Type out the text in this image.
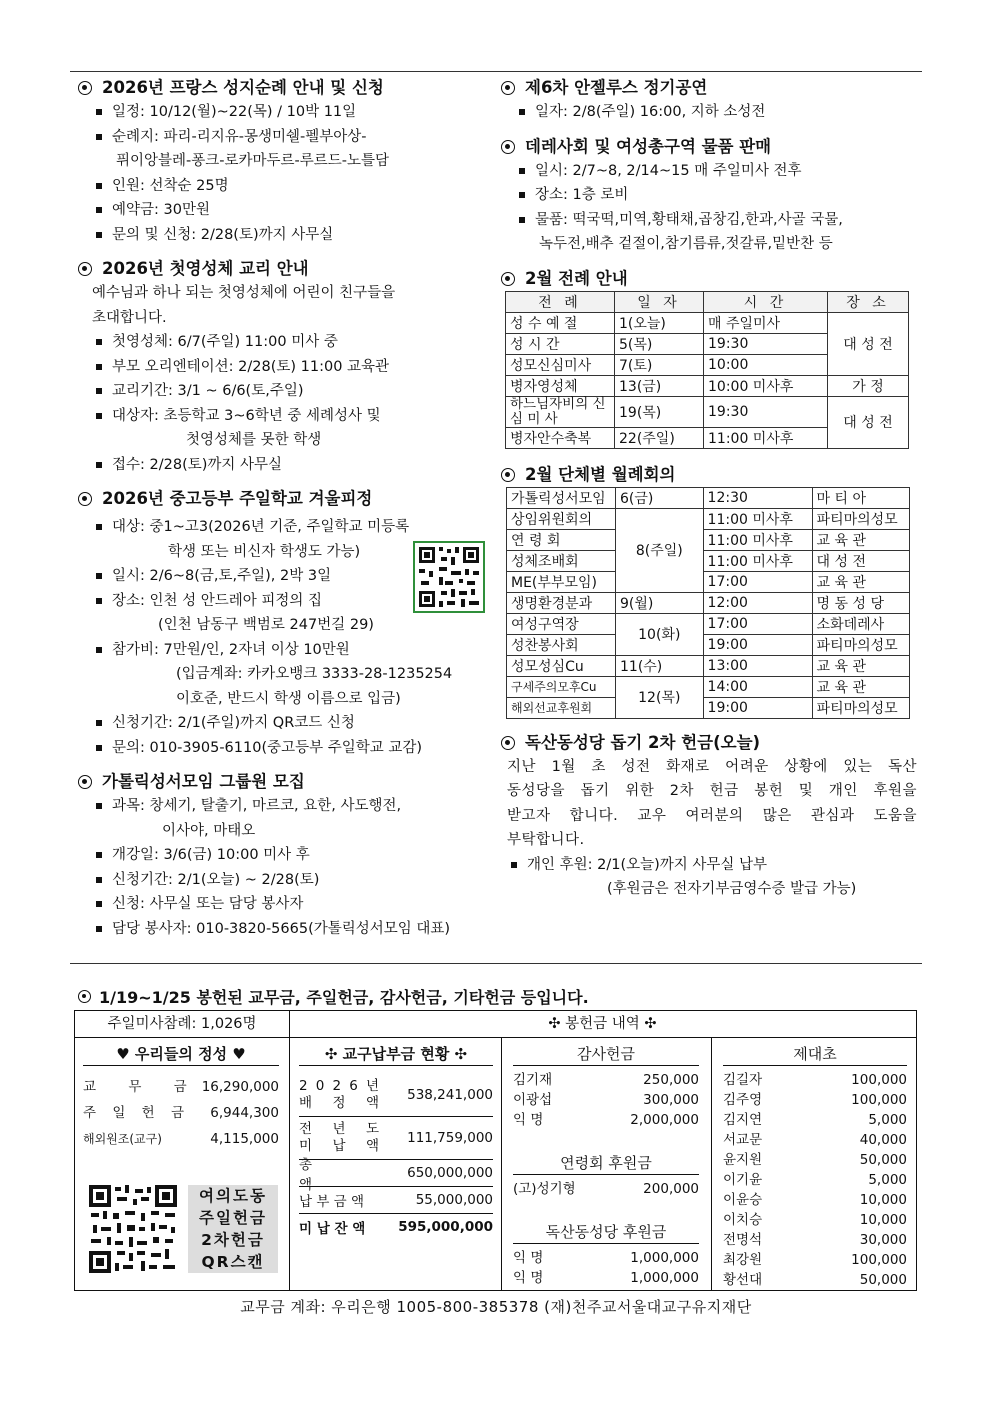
2026년 프랑스 성지순례 안내 및 신청
일정: 10/12(월)~22(목) / 10박 11일
순례지: 파리-리지유-몽생미쉘-펠부아상-
퓌이앙블레-퐁크-로카마두르-루르드-노틀담
인원: 선착순 25명
예약금: 30만원
문의 및 신청: 2/28(토)까지 사무실
2026년 첫영성체 교리 안내
예수님과 하나 되는 첫영성체에 어린이 친구들을
초대합니다.
첫영성체: 6/7(주일) 11:00 미사 중
부모 오리엔테이션: 2/28(토) 11:00 교육관
교리기간: 3/1 ~ 6/6(토,주일)
대상자: 초등학교 3~6학년 중 세례성사 및
첫영성체를 못한 학생
접수: 2/28(토)까지 사무실
2026년 중고등부 주일학교 겨울피정
대상: 중1~고3(2026년 기준, 주일학교 미등록
학생 또는 비신자 학생도 가능)
일시: 2/6~8(금,토,주일), 2박 3일
장소: 인천 성 안드레아 피정의 집
(인천 남동구 백범로 247번길 29)
참가비: 7만원/인, 2자녀 이상 10만원
(입금계좌: 카카오뱅크 3333-28-1235254
이호준, 반드시 학생 이름으로 입금)
신청기간: 2/1(주일)까지 QR코드 신청
문의: 010-3905-6110(중고등부 주일학교 교감)
가톨릭성서모임 그룹원 모집
과목: 창세기, 탈출기, 마르코, 요한, 사도행전,
이사야, 마태오
개강일: 3/6(금) 10:00 미사 후
신청기간: 2/1(오늘) ~ 2/28(토)
신청: 사무실 또는 담당 봉사자
담당 봉사자: 010-3820-5665(가톨릭성서모임 대표)
제6차 안젤루스 정기공연
일자: 2/8(주일) 16:00, 지하 소성전
데레사회 및 여성총구역 물품 판매
일시: 2/7~8, 2/14~15 매 주일미사 전후
장소: 1층 로비
물품: 떡국떡,미역,황태채,곱창김,한과,사골 국물,
녹두전,배추 겉절이,참기름류,젓갈류,밑반찬 등
2월 전례 안내
전 례	일 자	시 간	장 소
성 수 예 절	1(오늘)	매 주일미사	대 성 전
성 시 간	5(목)	19:30	
성모신심미사	7(토)	10:00	
병자영성체	13(금)	10:00 미사후	가 정
하느님자비의 신 심 미 사	19(목)	19:30	대 성 전
병자안수축복	22(주일)	11:00 미사후	
2월 단체별 월례회의
가톨릭성서모임	6(금)	12:30	마 티 아
상임위원회의	8(주일)	11:00 미사후	파티마의성모
연 령 회		11:00 미사후	교 육 관
성체조배회		11:00 미사후	대 성 전
ME(부부모임)		17:00	교 육 관
생명환경분과	9(월)	12:00	명 동 성 당
여성구역장	10(화)	17:00	소화데레사
성찬봉사회		19:00	파티마의성모
성모성심Cu	11(수)	13:00	교 육 관
구세주의모후Cu	12(목)	14:00	교 육 관
해외선교후원회		19:00	파티마의성모
독산동성당 돕기 2차 헌금(오늘)
지난 1월 초 성전 화재로 어려운 상황에 있는 독산
동성당을 돕기 위한 2차 헌금 봉헌 및 개인 후원을
받고자 합니다. 교우 여러분의 많은 관심과 도움을
부탁합니다.
개인 후원: 2/1(오늘)까지 사무실 납부
(후원금은 전자기부금영수증 발급 가능)
1/19~1/25 봉헌된 교무금, 주일헌금, 감사헌금, 기타헌금 등입니다.
주일미사참례: 1,026명	✣ 봉헌금 내역 ✣
♥ 우리들의 정성 ♥
교 무 금 16,290,000
주 일 헌 금 6,944,300
해외원조(교구)	4,115,000
여의도동
주일헌금
2차헌금
QR스캔
✣ 교구납부금 현황 ✣
2 0 2 6 년
배 정 액 538,241,000
전 년 도
미 납 액 111,759,000
총 액
650,000,000
납 부 금 액	55,000,000
미 납 잔 액 595,000,000
감사헌금
김기재	250,000
이광섭	300,000
익 명	2,000,000
연령회 후원금
(고)성기형	200,000
독산동성당 후원금
익 명	1,000,000
익 명	1,000,000
제대초
김길자	100,000
김주영	100,000
김지연	5,000
서교문	40,000
윤지원	50,000
이기윤	5,000
이윤승	10,000
이치승	10,000
전명석	30,000
최강원	100,000
황선대	50,000
교무금 계좌: 우리은행 1005-800-385378 (재)천주교서울대교구유지재단
